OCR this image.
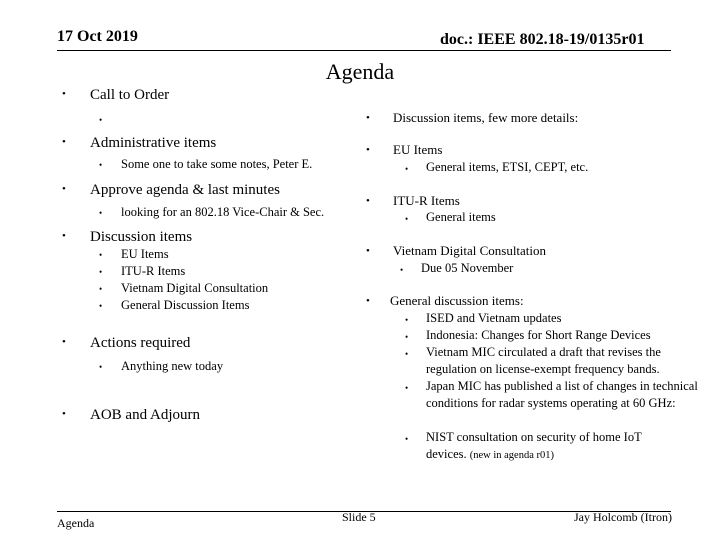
17 Oct 2019	doc.: IEEE 802.18-19/0135r01
Agenda
• Call to Order
•
• Administrative items
• Some one to take some notes, Peter E.
• Approve agenda & last minutes
• looking for an 802.18 Vice-Chair & Sec.
• Discussion items
• EU Items
• ITU-R Items
• Vietnam Digital Consultation
• General Discussion Items
• Actions required
• Anything new today
• AOB and Adjourn
• Discussion items, few more details:
• EU Items
• General items, ETSI, CEPT, etc.
• ITU-R Items
• General items
• Vietnam Digital Consultation
• Due 05 November
• General discussion items:
• ISED and Vietnam updates
• Indonesia: Changes for Short Range Devices
• Vietnam MIC circulated a draft that revises the regulation on license-exempt frequency bands.
• Japan MIC has published a list of changes in technical conditions for radar systems operating at 60 GHz:
• NIST consultation on security of home IoT devices. (new in agenda r01)
Agenda	Slide 5	Jay Holcomb (Itron)
